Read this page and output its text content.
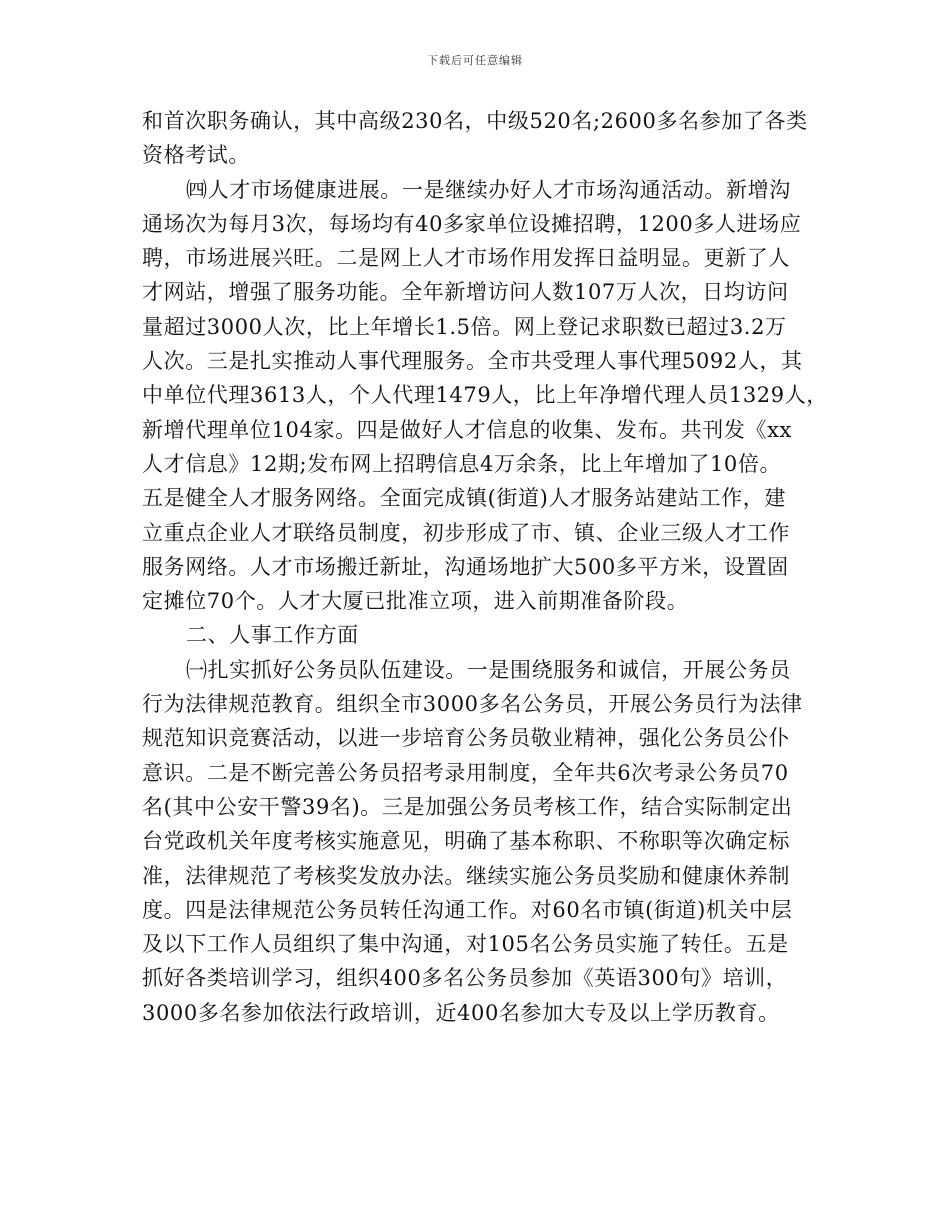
下载后可任意编辑
和首次职务确认，其中高级230名，中级520名;2600多名参加了各类
资格考试。
㈣人才市场健康进展。一是继续办好人才市场沟通活动。新增沟
通场次为每月3次，每场均有40多家单位设摊招聘，1200多人进场应
聘，市场进展兴旺。二是网上人才市场作用发挥日益明显。更新了人
才网站，增强了服务功能。全年新增访问人数107万人次，日均访问
量超过3000人次，比上年增长1.5倍。网上登记求职数已超过3.2万
人次。三是扎实推动人事代理服务。全市共受理人事代理5092人，其
中单位代理3613人，个人代理1479人，比上年净增代理人员1329人，
新增代理单位104家。四是做好人才信息的收集、发布。共刊发《xx
人才信息》12期;发布网上招聘信息4万余条，比上年增加了10倍。
五是健全人才服务网络。全面完成镇(街道)人才服务站建站工作，建
立重点企业人才联络员制度，初步形成了市、镇、企业三级人才工作
服务网络。人才市场搬迁新址，沟通场地扩大500多平方米，设置固
定摊位70个。人才大厦已批准立项，进入前期准备阶段。
二、人事工作方面
㈠扎实抓好公务员队伍建设。一是围绕服务和诚信，开展公务员
行为法律规范教育。组织全市3000多名公务员，开展公务员行为法律
规范知识竞赛活动，以进一步培育公务员敬业精神，强化公务员公仆
意识。二是不断完善公务员招考录用制度，全年共6次考录公务员70
名(其中公安干警39名)。三是加强公务员考核工作，结合实际制定出
台党政机关年度考核实施意见，明确了基本称职、不称职等次确定标
准，法律规范了考核奖发放办法。继续实施公务员奖励和健康休养制
度。四是法律规范公务员转任沟通工作。对60名市镇(街道)机关中层
及以下工作人员组织了集中沟通，对105名公务员实施了转任。五是
抓好各类培训学习，组织400多名公务员参加《英语300句》培训，
3000多名参加依法行政培训，近400名参加大专及以上学历教育。
